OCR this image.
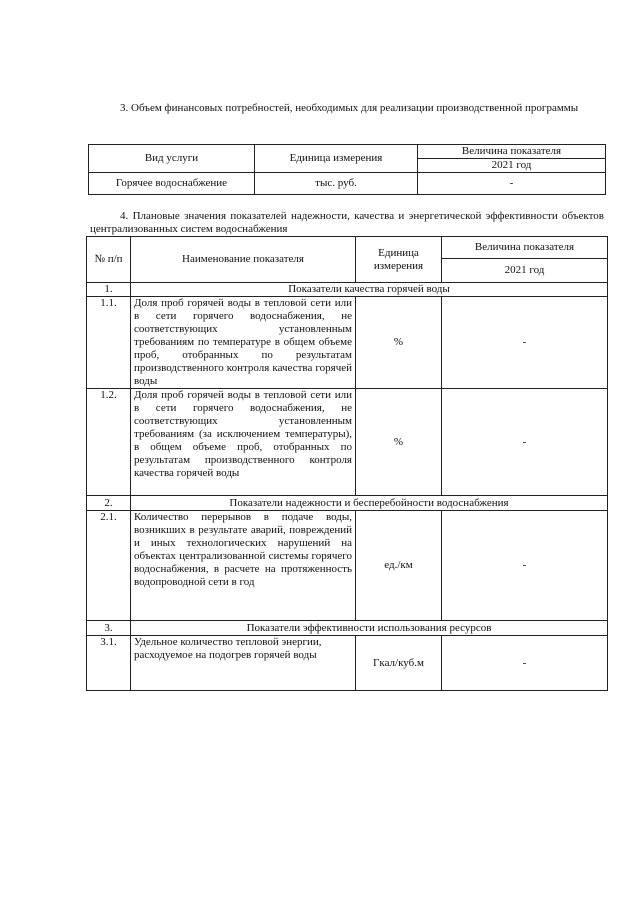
3. Объем финансовых потребностей, необходимых для реализации производственной программы
Вид услуги	Единица измерения	Величина показателя
		2021 год
Горячее водоснабжение	тыс. руб.	-
4. Плановые значения показателей надежности, качества и энергетической эффективности объектов централизованных систем водоснабжения
№ п/п	Наименование показателя	Единица измерения	Величина показателя
			2021 год
1.	Показатели качества горячей воды		
1.1.	Доля проб горячей воды в тепловой сети или в сети горячего водоснабжения, не соответствующих установленным требованиям по температуре в общем объеме проб, отобранных по результатам производственного контроля качества горячей воды	%	-
1.2.	Доля проб горячей воды в тепловой сети или в сети горячего водоснабжения, не соответствующих установленным требованиям (за исключением температуры), в общем объеме проб, отобранных по результатам производственного контроля качества горячей воды	%	-
2.	Показатели надежности и бесперебойности водоснабжения		
2.1.	Количество перерывов в подаче воды, возникших в результате аварий, повреждений и иных технологических нарушений на объектах централизованной системы горячего водоснабжения, в расчете на протяженность водопроводной сети в год	ед./км	-
3.	Показатели эффективности использования ресурсов		
3.1.	Удельное количество тепловой энергии, расходуемое на подогрев горячей воды	Гкал/куб.м	-
